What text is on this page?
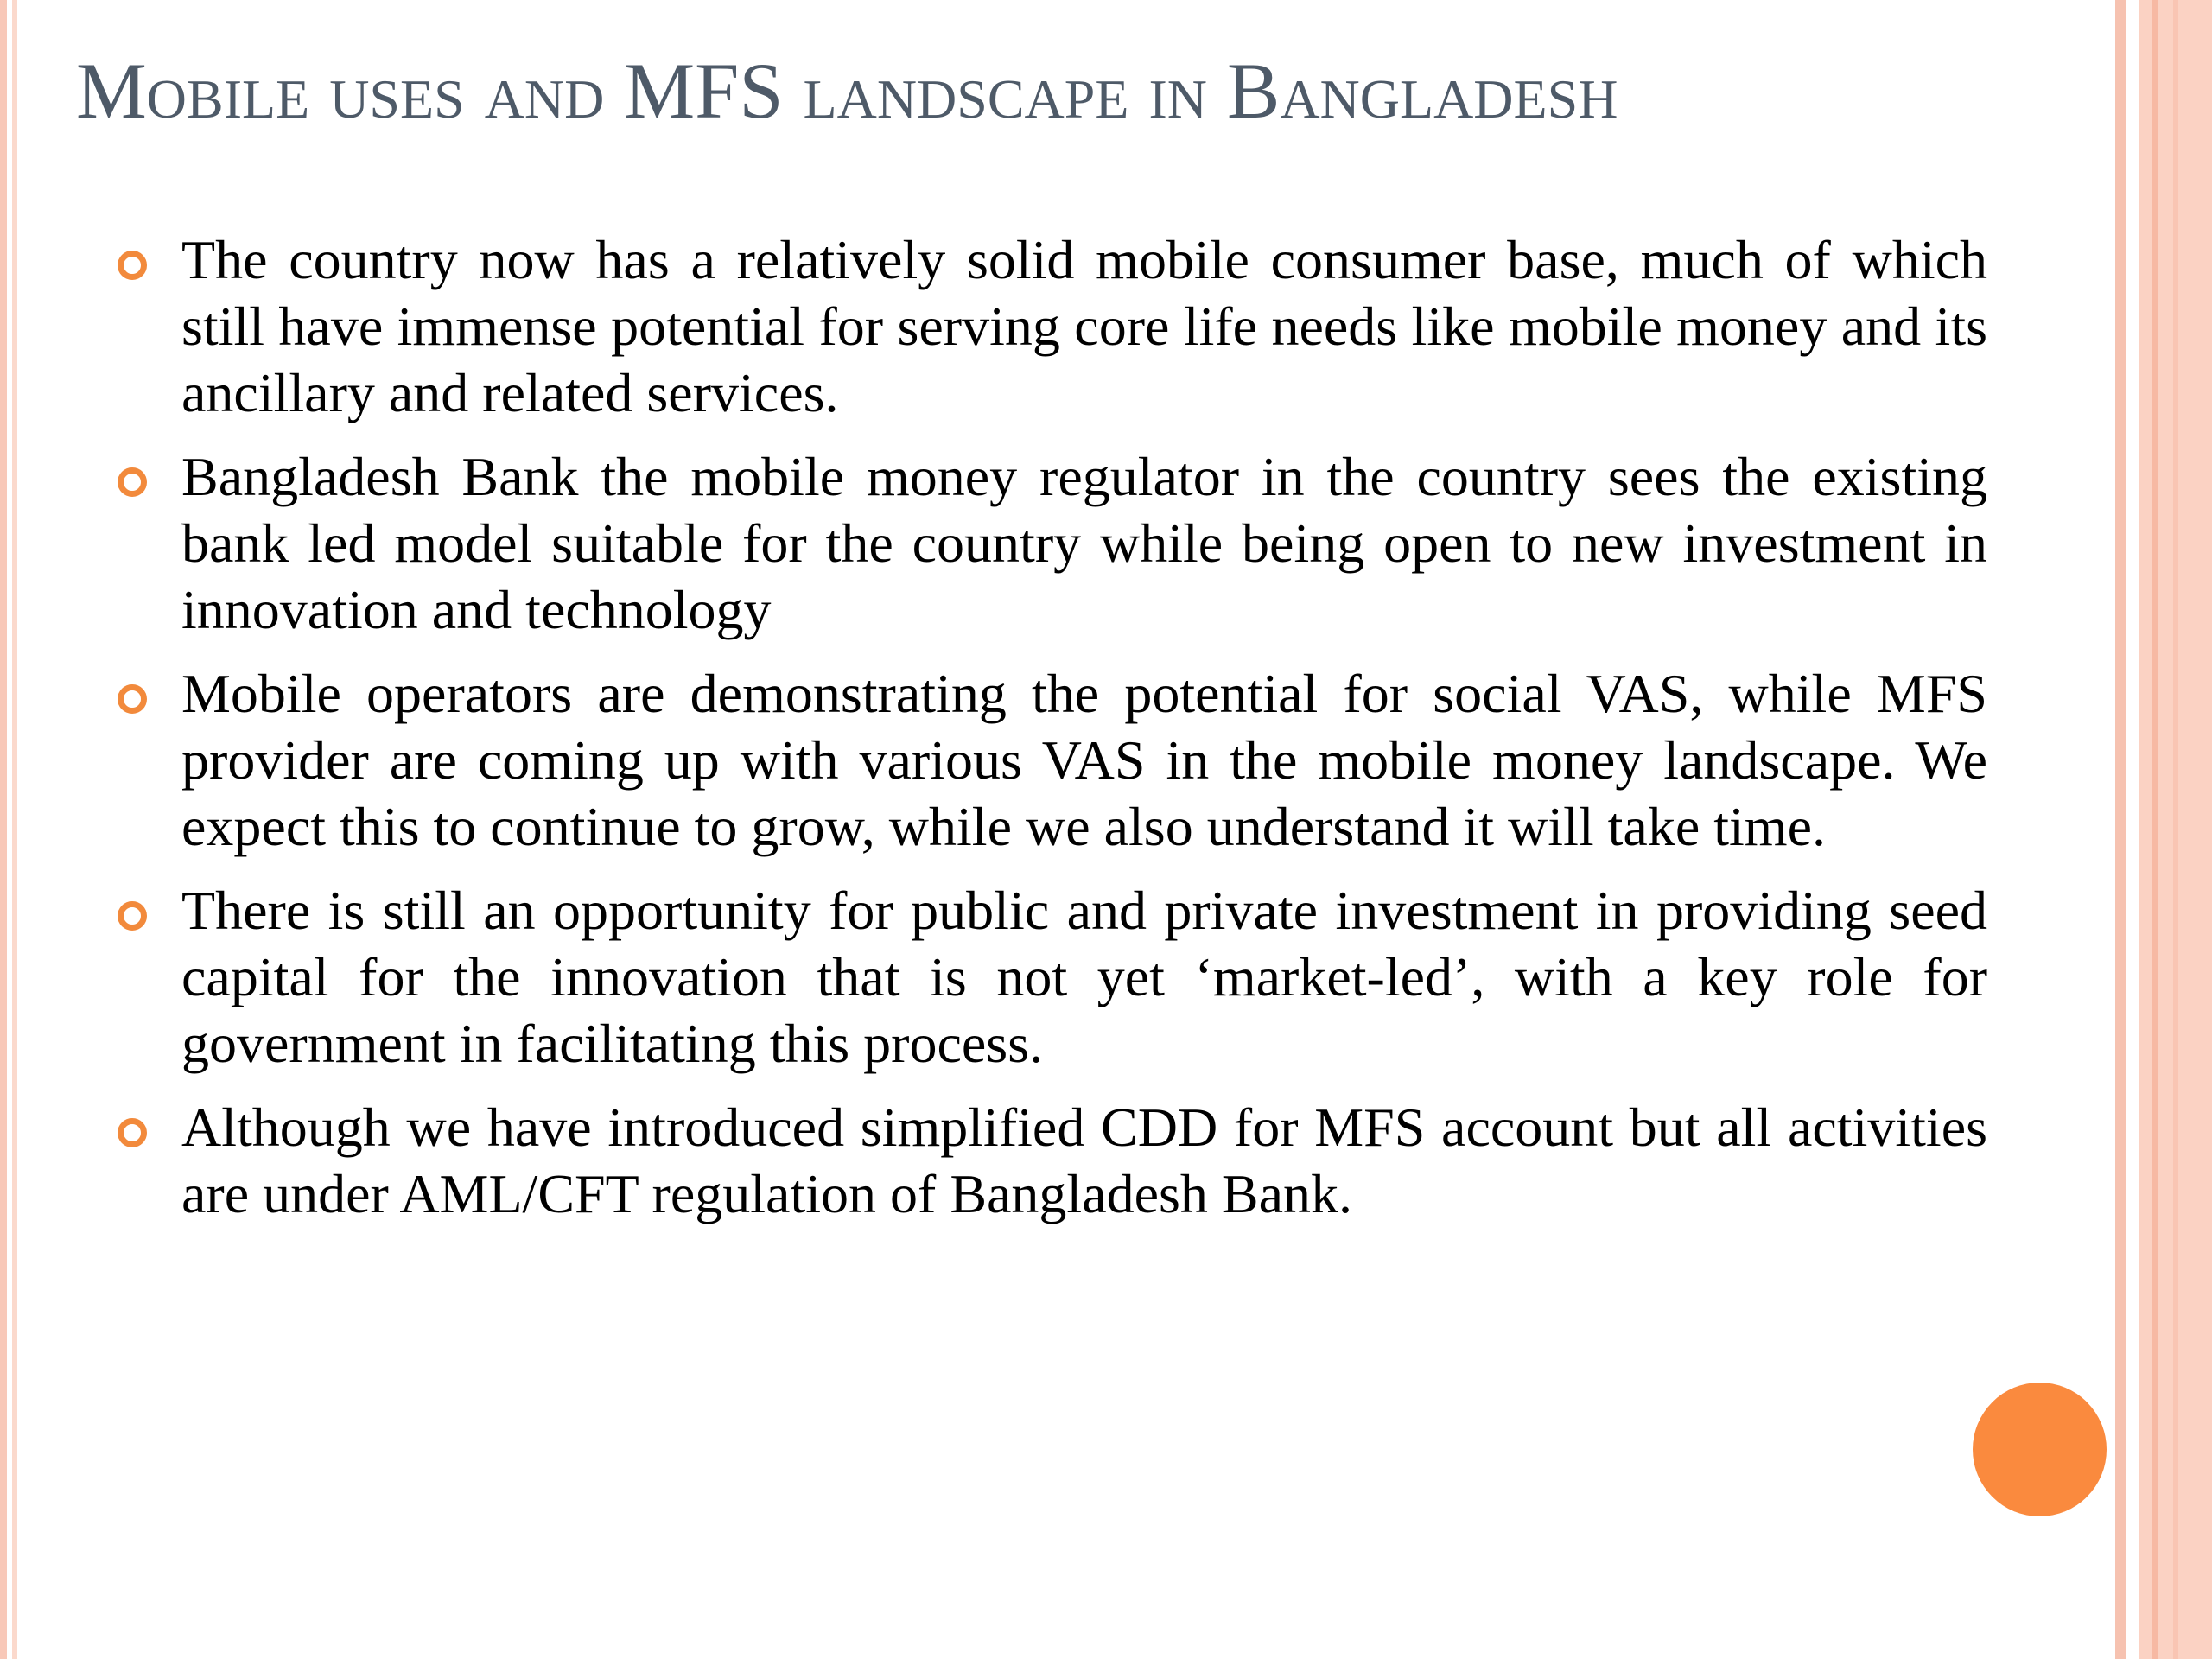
Mobile uses and MFS landscape in Bangladesh
The country now has a relatively solid mobile consumer base, much of which still have immense potential for serving core life needs like mobile money and its ancillary and related services.
Bangladesh Bank the mobile money regulator in the country sees the existing bank led model suitable for the country while being open to new investment in innovation and technology
Mobile operators are demonstrating the potential for social VAS, while MFS provider are coming up with various VAS in the mobile money landscape. We expect this to continue to grow, while we also understand it will take time.
There is still an opportunity for public and private investment in providing seed capital for the innovation that is not yet ‘market-led’, with a key role for government in facilitating this process.
Although we have introduced simplified CDD for MFS account but all activities are under AML/CFT regulation of Bangladesh Bank.
